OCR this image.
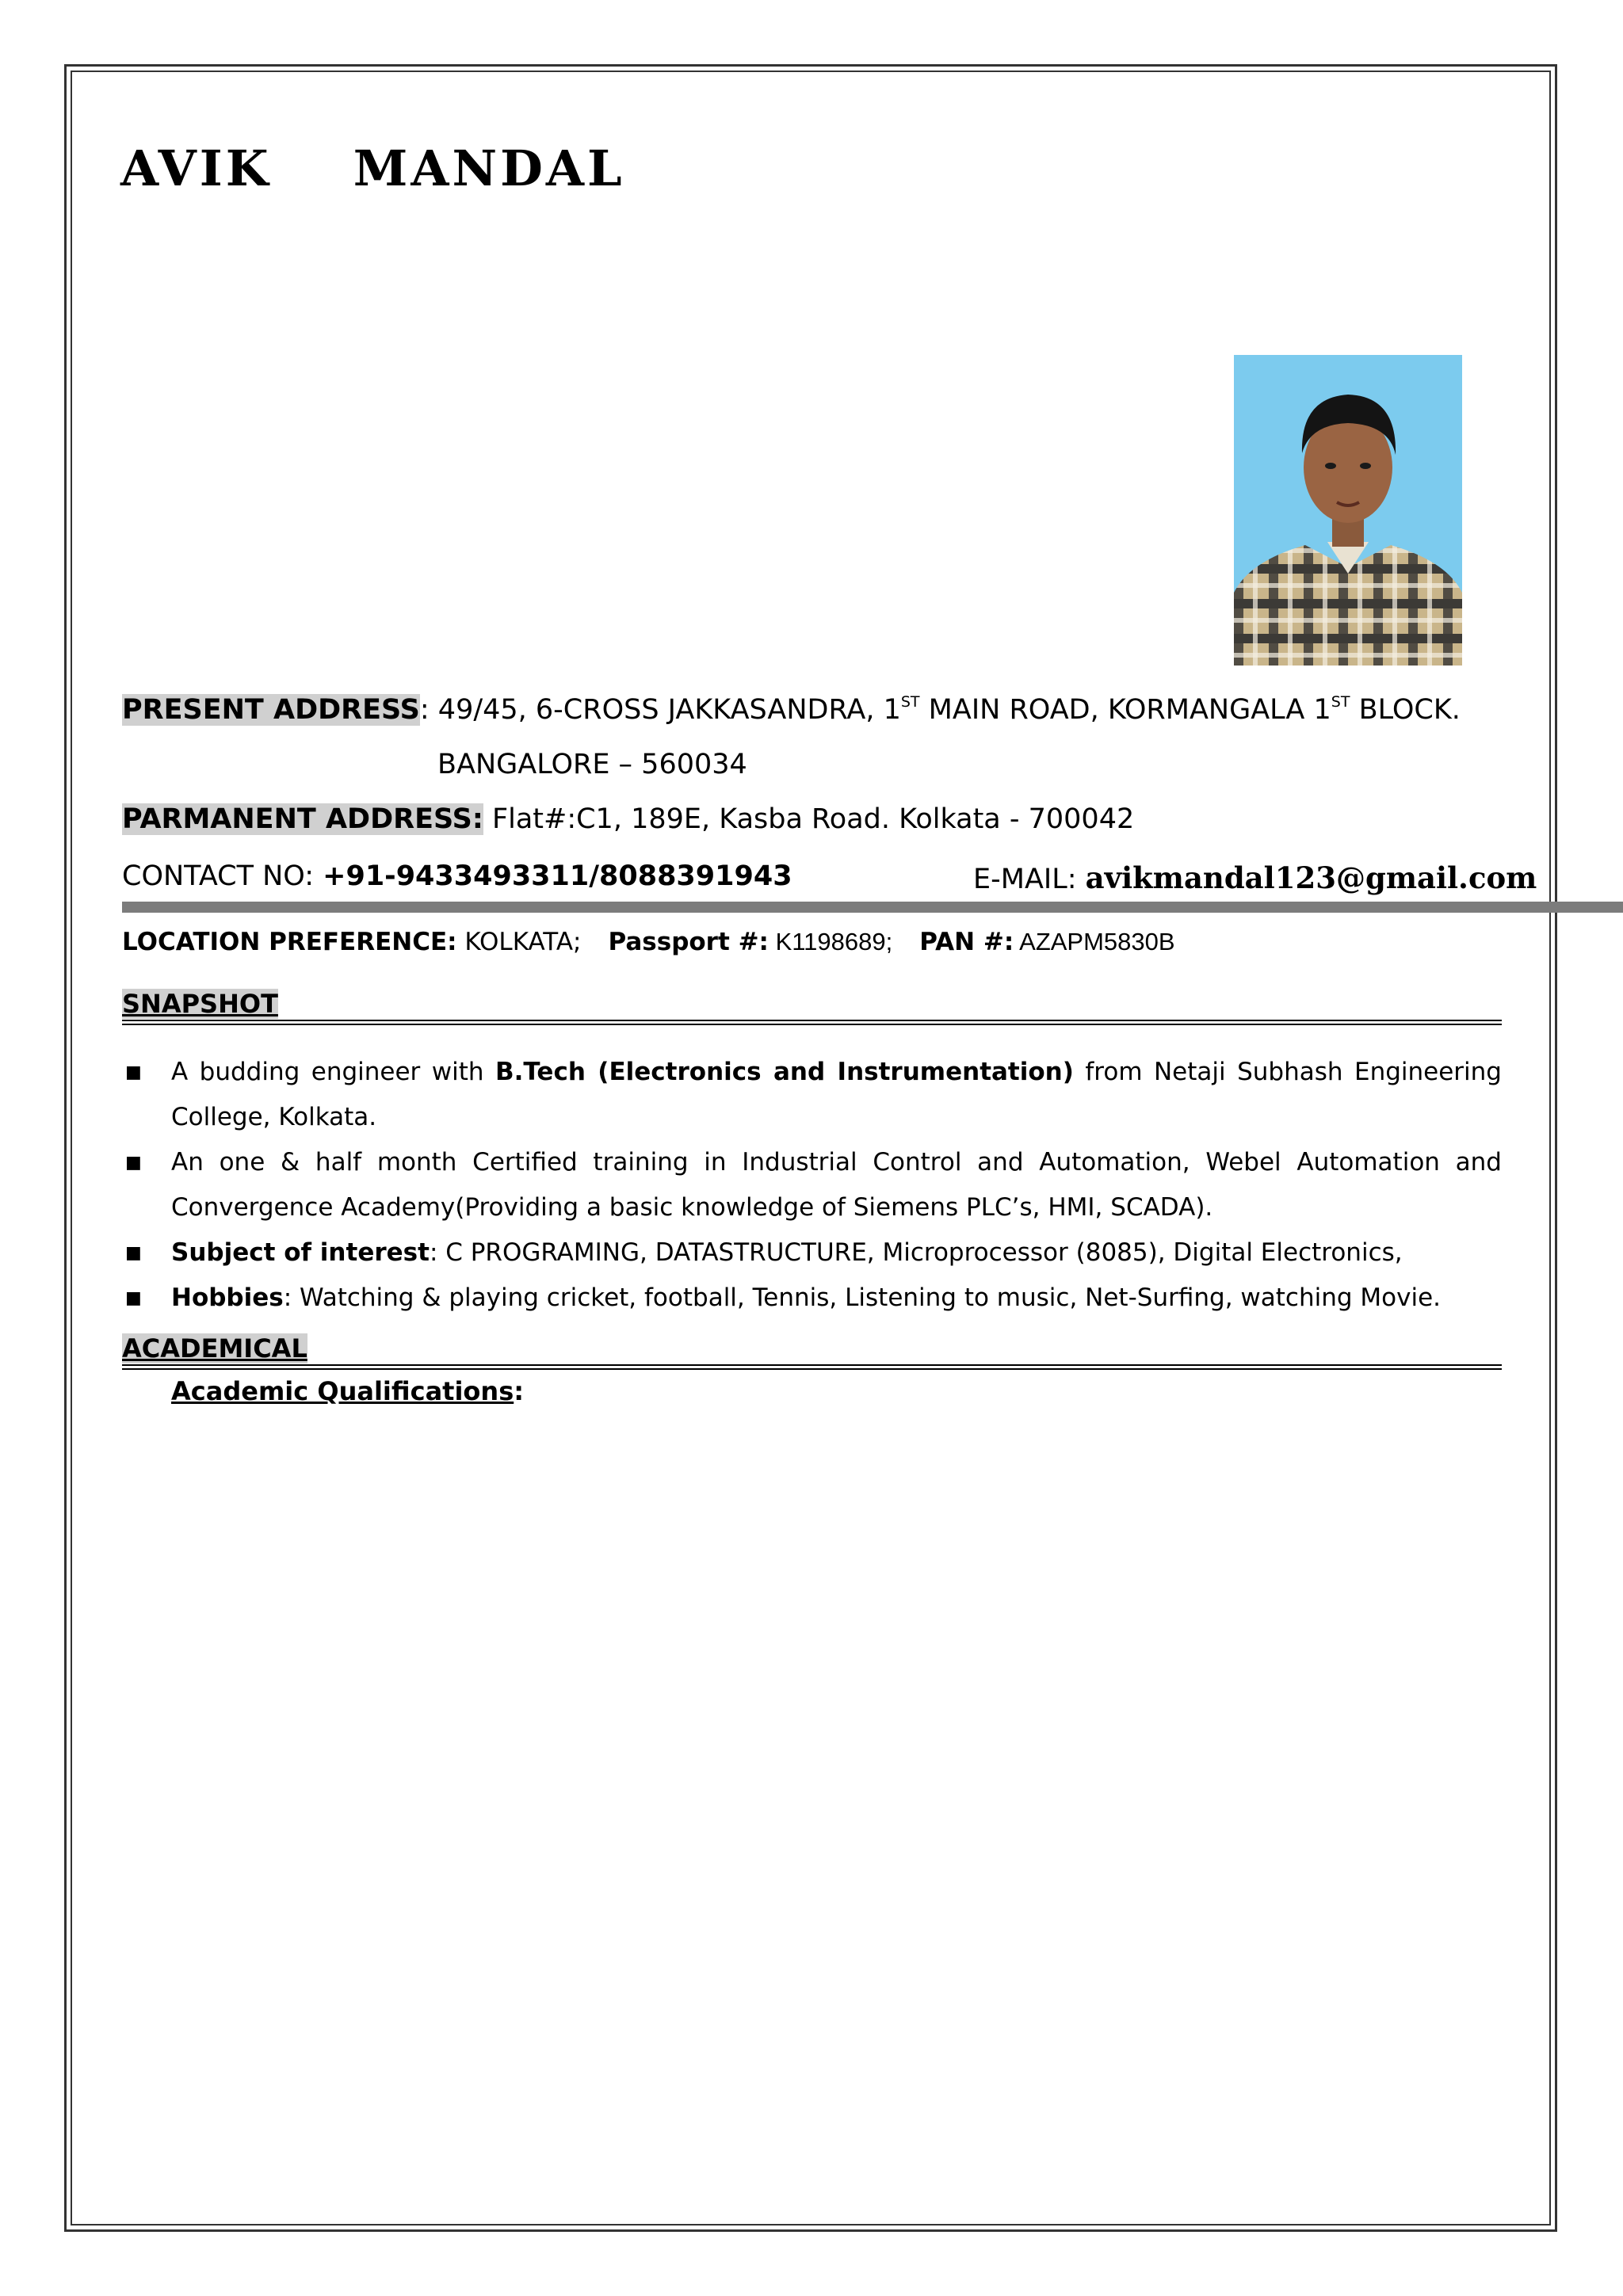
AVIK  MANDAL
PRESENT ADDRESS: 49/45, 6-CROSS JAKKASANDRA, 1ST MAIN ROAD, KORMANGALA 1ST BLOCK.
BANGALORE – 560034
PARMANENT ADDRESS: Flat#:C1, 189E, Kasba Road. Kolkata - 700042
CONTACT NO: +91-9433493311/8088391943	E-MAIL: avikmandal123@gmail.com
LOCATION PREFERENCE: KOLKATA; Passport #: K1198689; PAN #: AZAPM5830B
SNAPSHOT
■ A budding engineer with B.Tech (Electronics and Instrumentation) from Netaji Subhash Engineering College, Kolkata.
■ An one & half month Certified training in Industrial Control and Automation, Webel Automation and Convergence Academy(Providing a basic knowledge of Siemens PLC’s, HMI, SCADA).
■ Subject of interest: C PROGRAMING, DATASTRUCTURE, Microprocessor (8085), Digital Electronics,
■ Hobbies: Watching & playing cricket, football, Tennis, Listening to music, Net-Surfing, watching Movie.
ACADEMICAL
Academic Qualifications:
